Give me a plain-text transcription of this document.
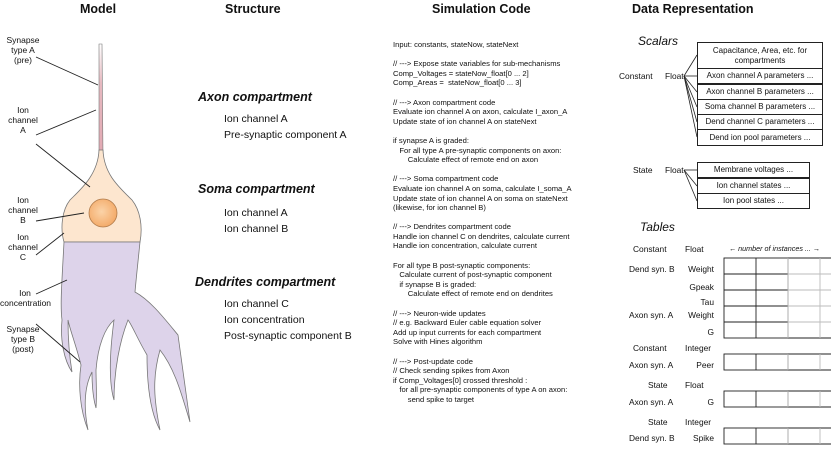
Model	Structure	Simulation Code	Data Representation
Synapse
type A
(pre)
Ion
channel
A
Ion
channel
B
Ion
channel
C
Ion
concentration
Synapse
type B
(post)
Axon compartment
Ion channel A
Pre-synaptic component A
Soma compartment
Ion channel A
Ion channel B
Dendrites compartment
Ion channel C
Ion concentration
Post-synaptic component B
Input: constants, stateNow, stateNext
// ---> Expose state variables for sub-mechanisms
Comp_Voltages = stateNow_float[0 ... 2]
Comp_Areas =  stateNow_float[0 ... 3]
// ---> Axon compartment code
Evaluate ion channel A on axon, calculate I_axon_A
Update state of ion channel A on stateNext
if synapse A is graded:
For all type A pre-synaptic components on axon:
Calculate effect of remote end on axon
// ---> Soma compartment code
Evaluate ion channel A on soma, calculate I_soma_A
Update state of ion channel A on soma on stateNext
(likewise, for ion channel B)
// ---> Dendrites compartment code
Handle ion channel C on dendrites, calculate current
Handle ion concentration, calculate current
For all type B post-synaptic components:
Calculate current of post-synaptic component
if synapse B is graded:
Calculate effect of remote end on dendrites
// ---> Neuron-wide updates
// e.g. Backward Euler cable equation solver
Add up input currents for each compartment
Solve with Hines algorithm
// ---> Post-update code
// Check sending spikes from Axon
if Comp_Voltages[0] crossed threshold :
for all pre-synaptic components of type A on axon:
send spike to target
Scalars
Constant Float
Capacitance, Area, etc. for compartments
Axon channel A parameters ...
Axon channel B parameters ...
Soma channel B parameters ...
Dend channel C parameters ...
Dend ion pool parameters ...
State Float	Membrane voltages ...
Ion channel states ...
Ion pool states ...
Tables
← number of instances ... →
Constant Float
Dend syn. B Weight
Gpeak
Tau
Axon syn. A Weight
G
Constant Integer
Axon syn. A	Peer
State Float
Axon syn. A	G
State Integer
Dend syn. B Spike
